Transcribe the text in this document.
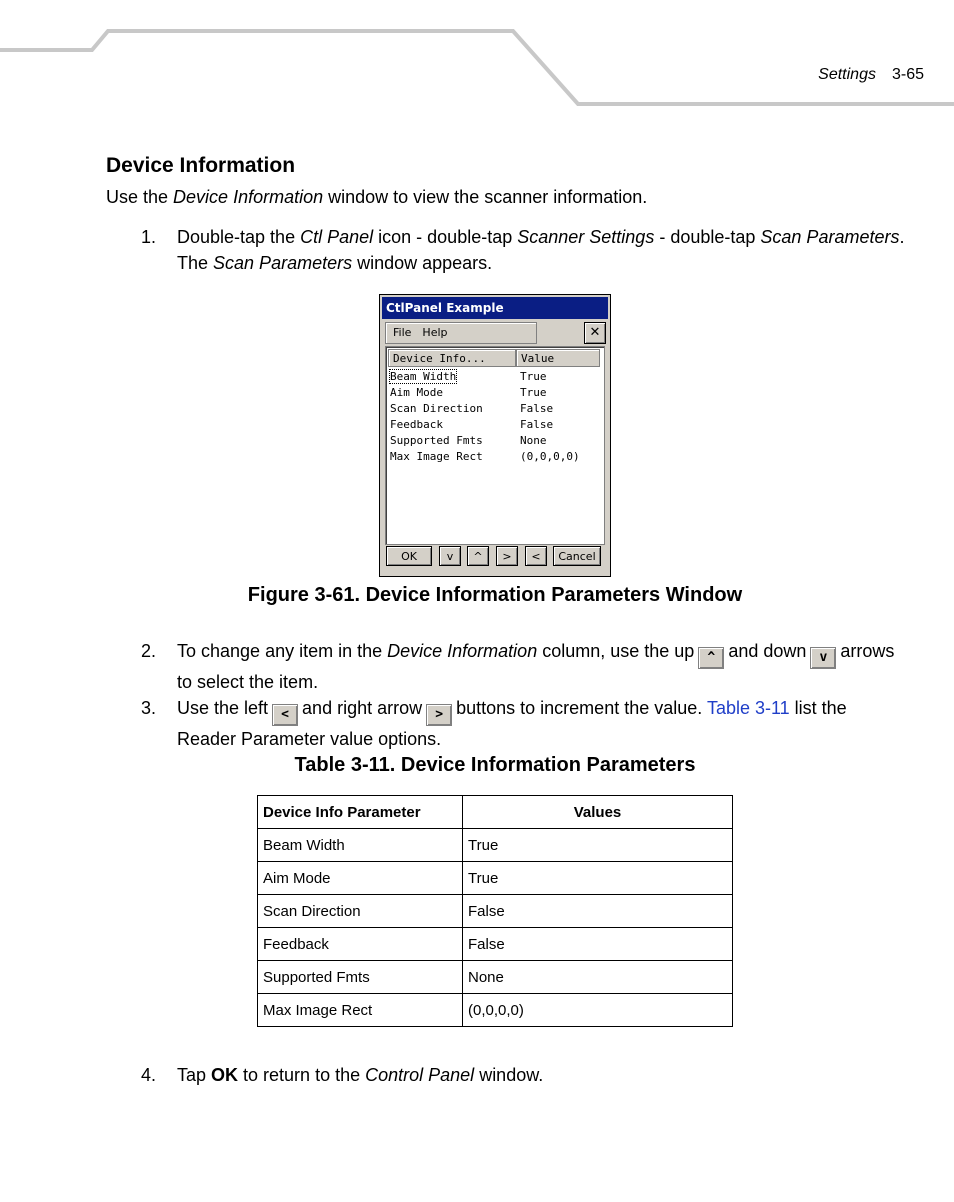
Settings 3-65
Device Information
Use the Device Information window to view the scanner information.
1. Double-tap the Ctl Panel icon - double-tap Scanner Settings - double-tap Scan Parameters.
The Scan Parameters window appears.
CtlPanel Example
File Help	✕
Device Info...	Value
Beam Width	True
Aim Mode	True
Scan Direction	False
Feedback	False
Supported Fmts	None
Max Image Rect	(0,0,0,0)
OK	v	^	>	<	Cancel
Figure 3-61. Device Information Parameters Window
2. To change any item in the Device Information column, use the up ^ and down v arrows
to select the item.
3. Use the left < and right arrow > buttons to increment the value. Table 3-11 list the
Reader Parameter value options.
Table 3-11. Device Information Parameters
Device Info Parameter	Values
Beam Width	True
Aim Mode	True
Scan Direction	False
Feedback	False
Supported Fmts	None
Max Image Rect	(0,0,0,0)
4. Tap OK to return to the Control Panel window.
